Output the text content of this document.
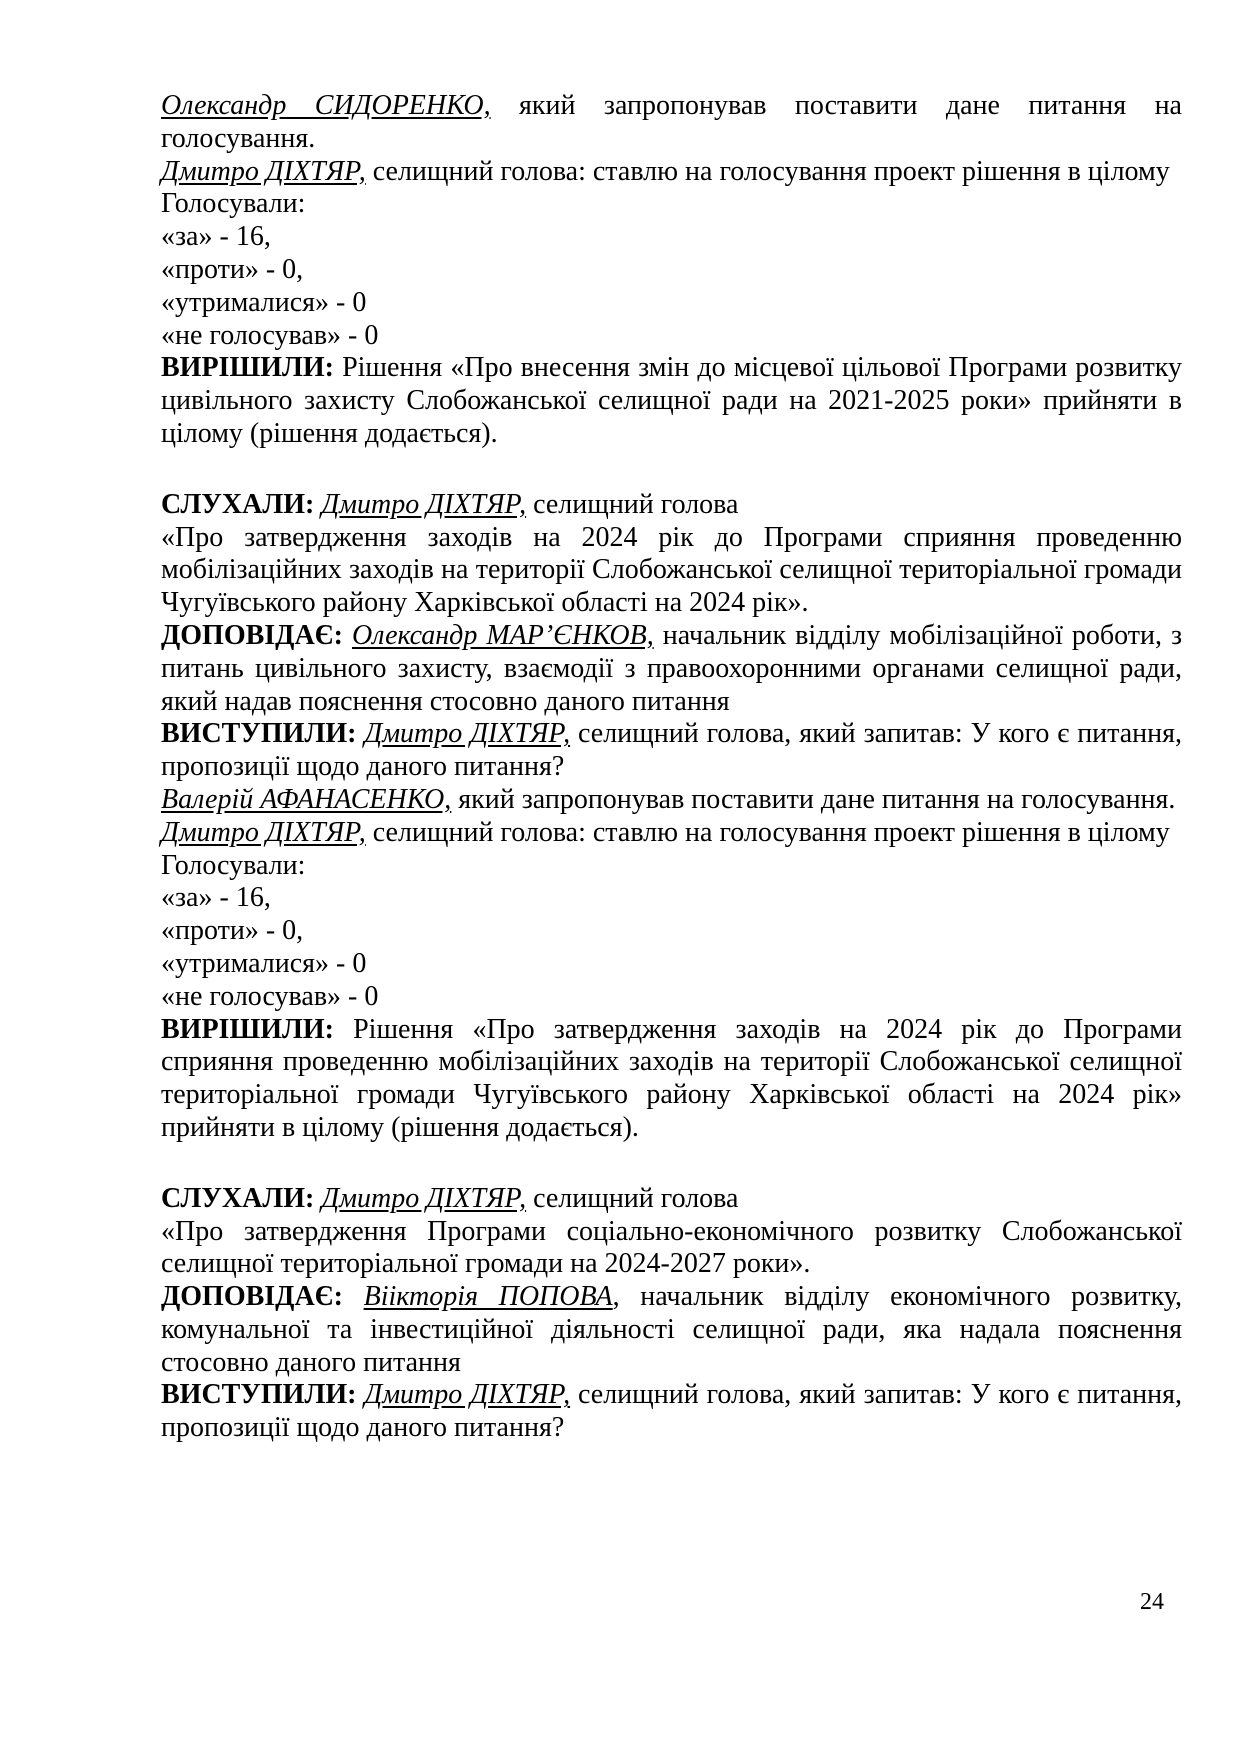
Олександр СИДОРЕНКО, який запропонував поставити дане питання на голосування.

Дмитро ДІХТЯР, селищний голова: ставлю на голосування проект рішення в цілому

Голосували:

«за» - 16,

«проти» - 0,

«утрималися» - 0

«не голосував» - 0

ВИРІШИЛИ: Рішення «Про внесення змін до місцевої цільової Програми розвитку цивільного захисту Слобожанської селищної ради на 2021-2025 роки» прийняти в цілому (рішення додається).

СЛУХАЛИ: Дмитро ДІХТЯР, селищний голова

«Про затвердження заходів на 2024 рік до Програми сприяння проведенню мобілізаційних заходів на території Слобожанської селищної територіальної громади Чугуївського району Харківської області на 2024 рік».

ДОПОВІДАЄ: Олександр МАР’ЄНКОВ, начальник відділу мобілізаційної роботи, з питань цивільного захисту, взаємодії з правоохоронними органами селищної ради, який надав пояснення стосовно даного питання

ВИСТУПИЛИ: Дмитро ДІХТЯР, селищний голова, який запитав: У кого є питання, пропозиції щодо даного питання?

Валерій АФАНАСЕНКО, який запропонував поставити дане питання на голосування.

Дмитро ДІХТЯР, селищний голова: ставлю на голосування проект рішення в цілому

Голосували:

«за» - 16,

«проти» - 0,

«утрималися» - 0

«не голосував» - 0

ВИРІШИЛИ: Рішення «Про затвердження заходів на 2024 рік до Програми сприяння проведенню мобілізаційних заходів на території Слобожанської селищної територіальної громади Чугуївського району Харківської області на 2024 рік» прийняти в цілому (рішення додається).

СЛУХАЛИ: Дмитро ДІХТЯР, селищний голова

«Про затвердження Програми соціально-економічного розвитку Слобожанської селищної територіальної громади на 2024-2027 роки».

ДОПОВІДАЄ: Віікторія ПОПОВА, начальник відділу економічного розвитку, комунальної та інвестиційної діяльності селищної ради, яка надала пояснення стосовно даного питання

ВИСТУПИЛИ: Дмитро ДІХТЯР, селищний голова, який запитав: У кого є питання, пропозиції щодо даного питання?

24
